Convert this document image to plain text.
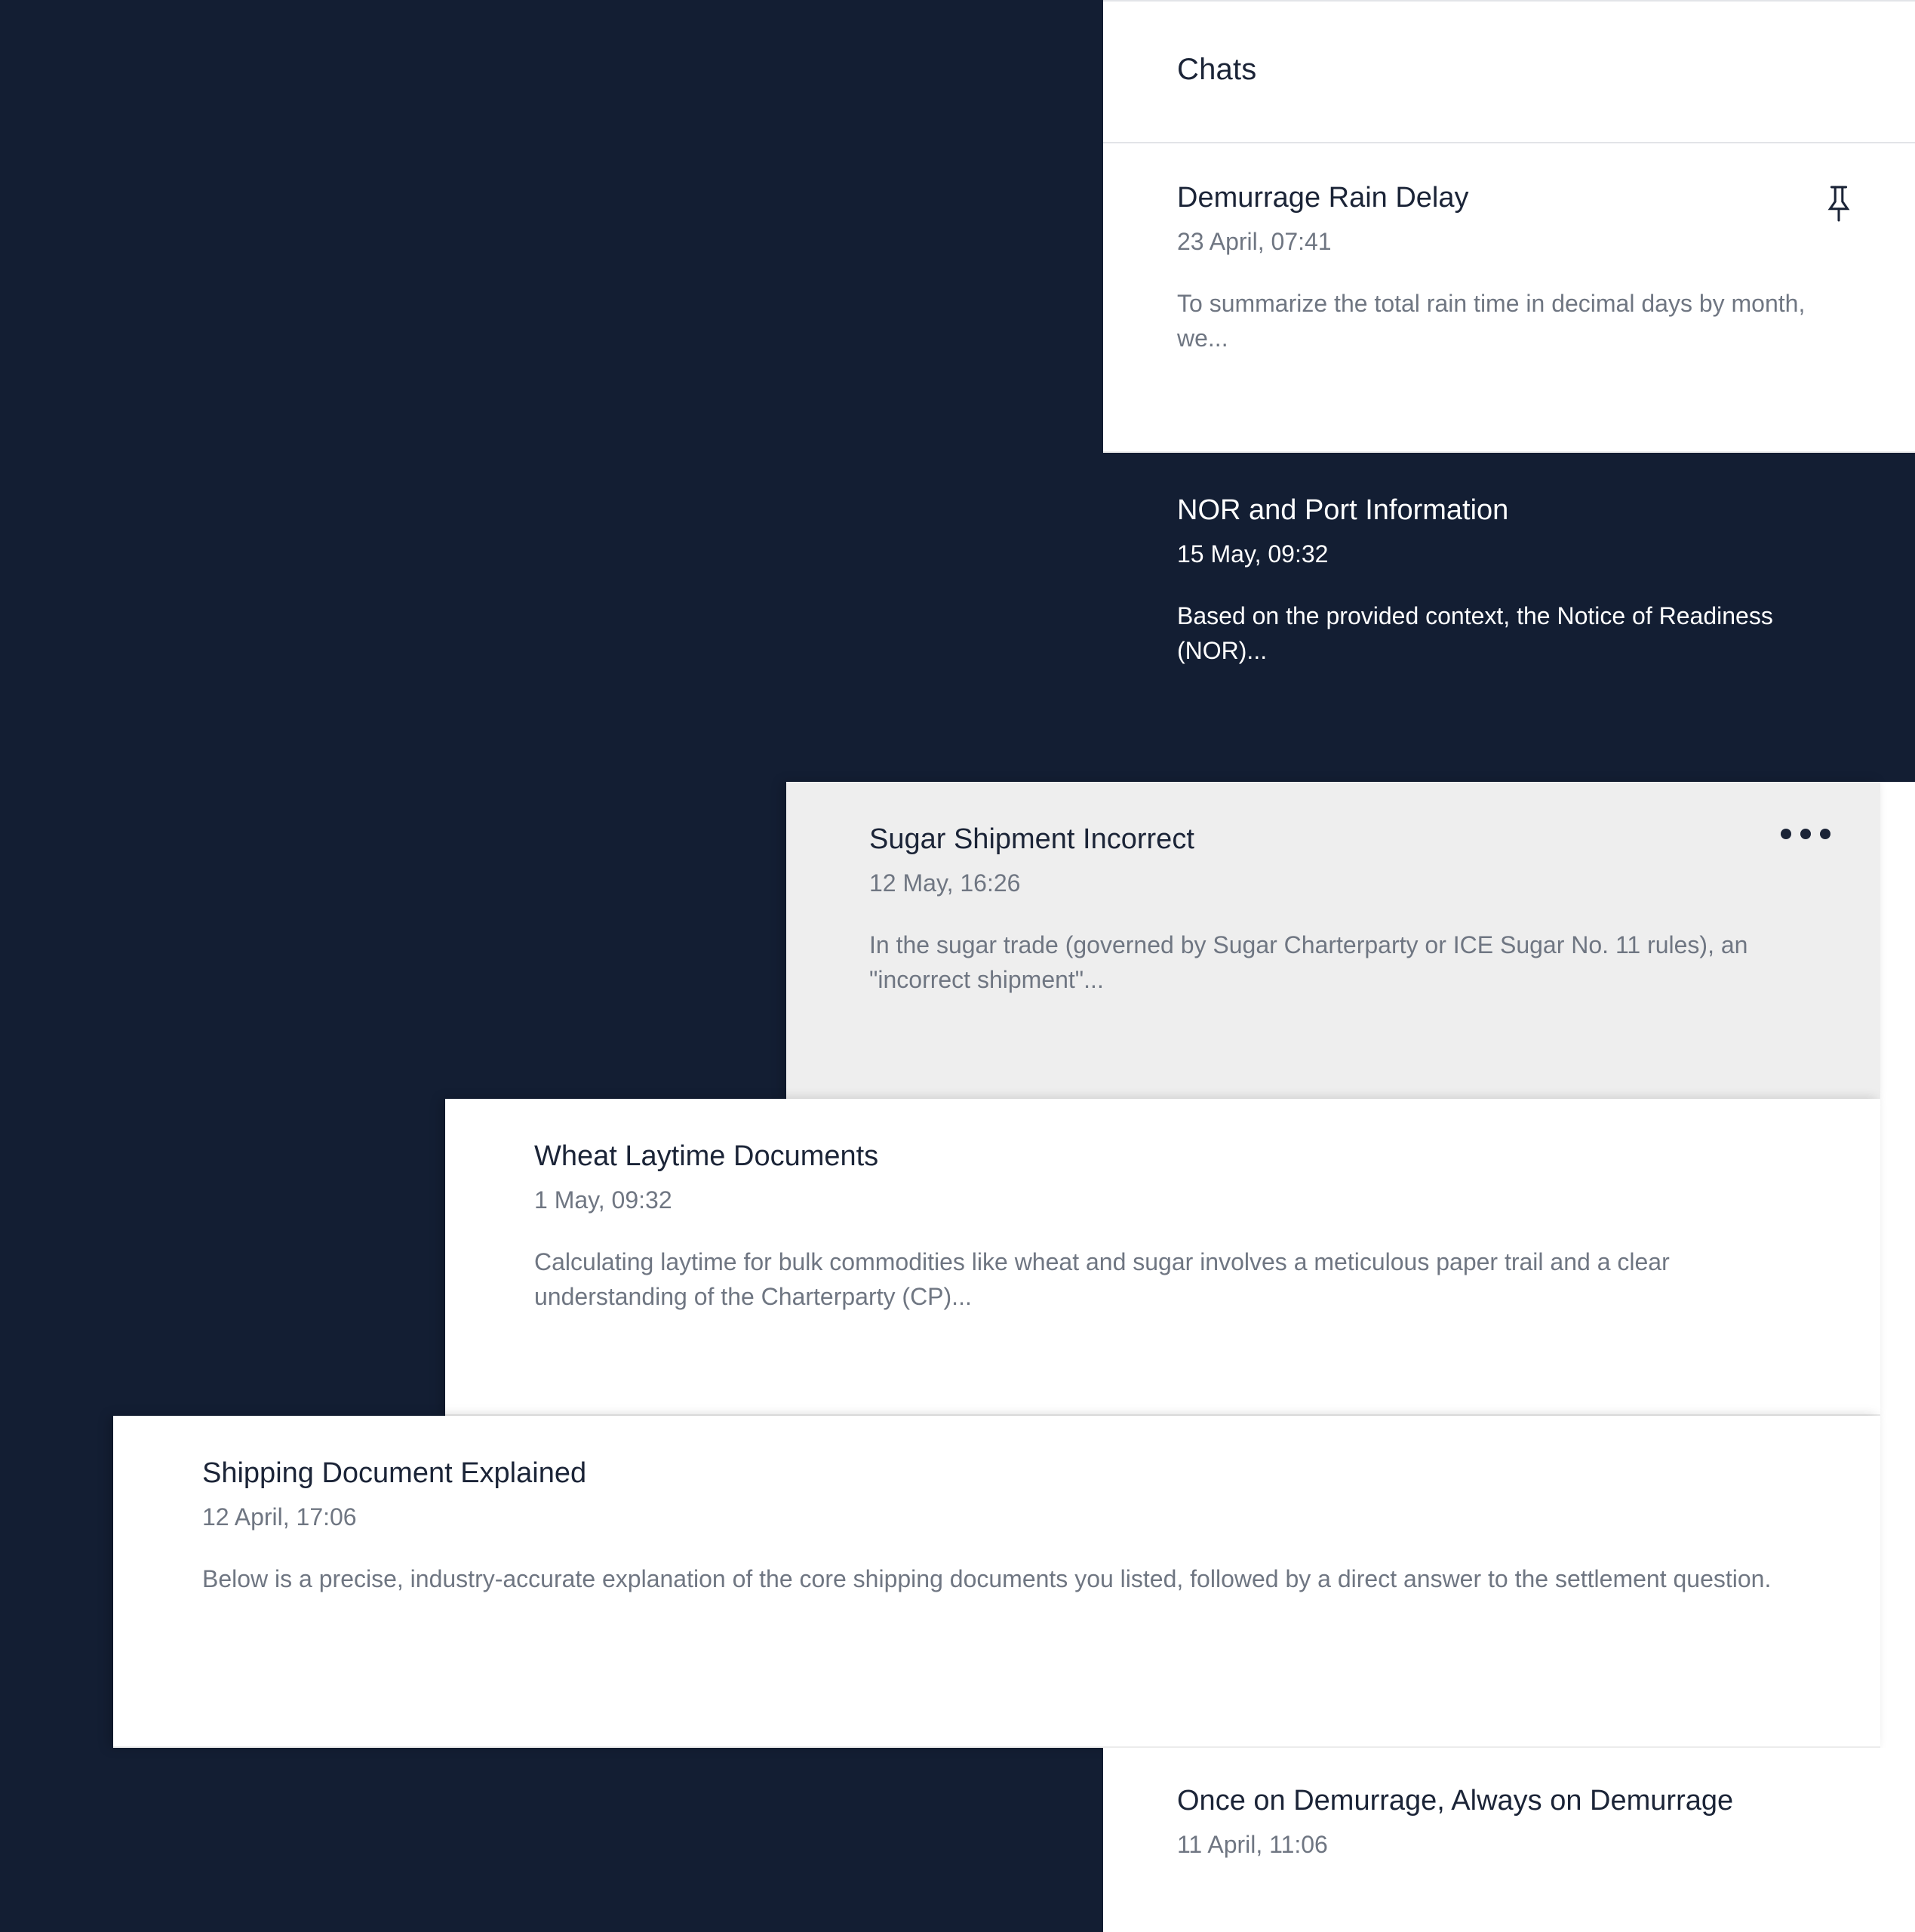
Chats
Demurrage Rain Delay
23 April, 07:41
To summarize the total rain time in decimal days by month, we...
NOR and Port Information
15 May, 09:32
Based on the provided context, the Notice of Readiness (NOR)...
Sugar Shipment Incorrect
12 May, 16:26
In the sugar trade (governed by Sugar Charterparty or ICE Sugar No. 11 rules), an "incorrect shipment"...
Wheat Laytime Documents
1 May, 09:32
Calculating laytime for bulk commodities like wheat and sugar involves a meticulous paper trail and a clear understanding of the Charterparty (CP)...
Shipping Document Explained
12 April, 17:06
Below is a precise, industry-accurate explanation of the core shipping documents you listed, followed by a direct answer to the settlement question.
Once on Demurrage, Always on Demurrage
11 April, 11:06
